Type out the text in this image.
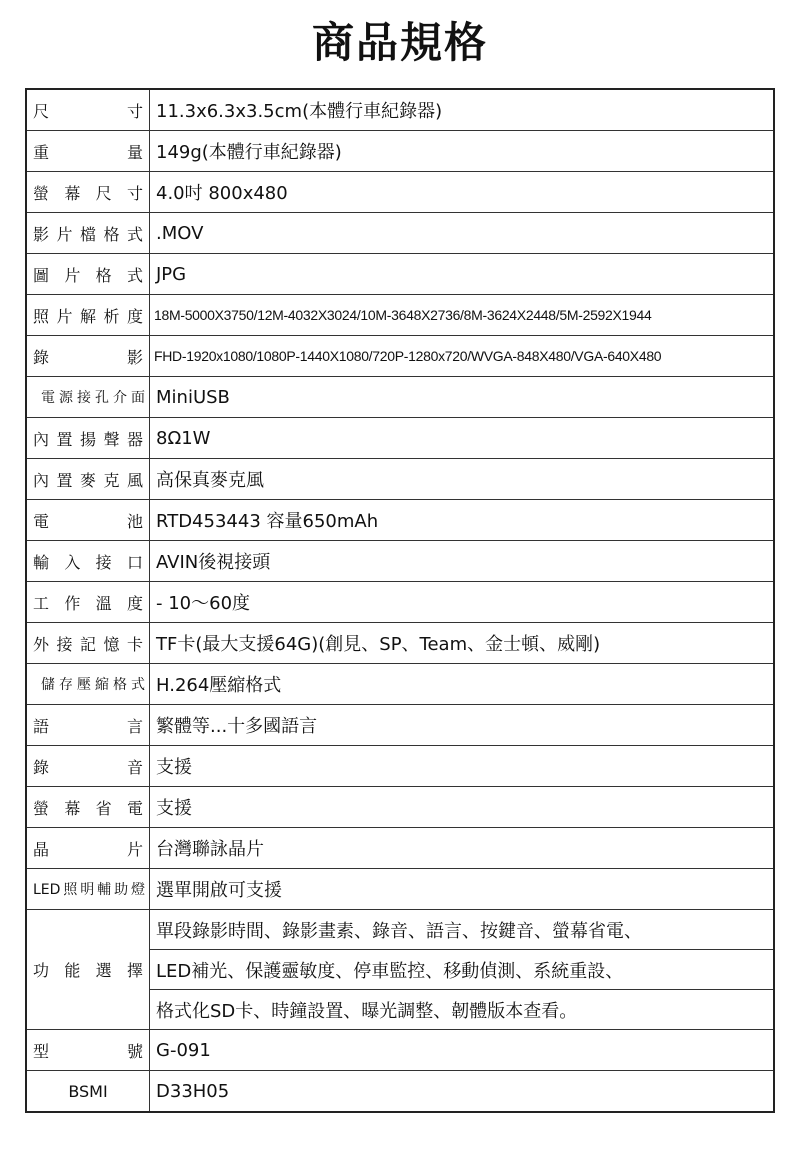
商品規格
尺寸	11.3x6.3x3.5cm(本體行車紀錄器)
重量	149g(本體行車紀錄器)
螢幕尺寸	4.0吋 800x480
影片檔格式	.MOV
圖片格式	JPG
照片解析度	18M-5000X3750/12M-4032X3024/10M-3648X2736/8M-3624X2448/5M-2592X1944
錄影	FHD-1920x1080/1080P-1440X1080/720P-1280x720/WVGA-848X480/VGA-640X480
電源接孔介面	MiniUSB
內置揚聲器	8Ω1W
內置麥克風	高保真麥克風
電池	RTD453443 容量650mAh
輸入接口	AVIN後視接頭
工作溫度	- 10～60度
外接記憶卡	TF卡(最大支援64G)(創見、SP、Team、金士頓、威剛)
儲存壓縮格式	H.264壓縮格式
語言	繁體等...十多國語言
錄音	支援
螢幕省電	支援
晶片	台灣聯詠晶片
LED照明輔助燈	選單開啟可支援
功能選擇	單段錄影時間、錄影畫素、錄音、語言、按鍵音、螢幕省電、
	LED補光、保護靈敏度、停車監控、移動偵測、系統重設、
	格式化SD卡、時鐘設置、曝光調整、韌體版本查看。
型號	G-091
BSMI	D33H05
